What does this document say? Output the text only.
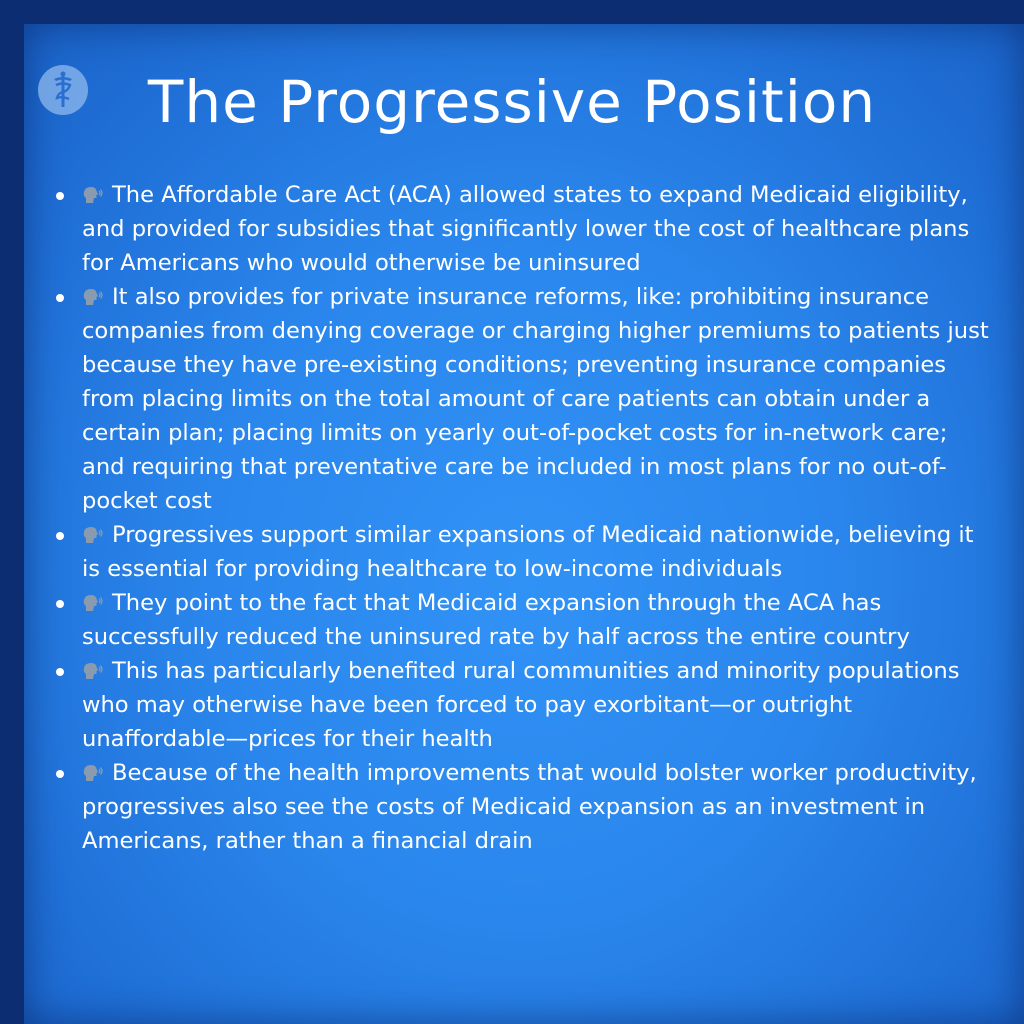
The Progressive Position
The Affordable Care Act (ACA) allowed states to expand Medicaid eligibility, and provided for subsidies that significantly lower the cost of healthcare plans for Americans who would otherwise be uninsured
It also provides for private insurance reforms, like: prohibiting insurance companies from denying coverage or charging higher premiums to patients just because they have pre-existing conditions; preventing insurance companies from placing limits on the total amount of care patients can obtain under a certain plan; placing limits on yearly out-of-pocket costs for in-network care; and requiring that preventative care be included in most plans for no out-of-pocket cost
Progressives support similar expansions of Medicaid nationwide, believing it is essential for providing healthcare to low-income individuals
They point to the fact that Medicaid expansion through the ACA has successfully reduced the uninsured rate by half across the entire country
This has particularly benefited rural communities and minority populations who may otherwise have been forced to pay exorbitant—or outright unaffordable—prices for their health
Because of the health improvements that would bolster worker productivity, progressives also see the costs of Medicaid expansion as an investment in Americans, rather than a financial drain
